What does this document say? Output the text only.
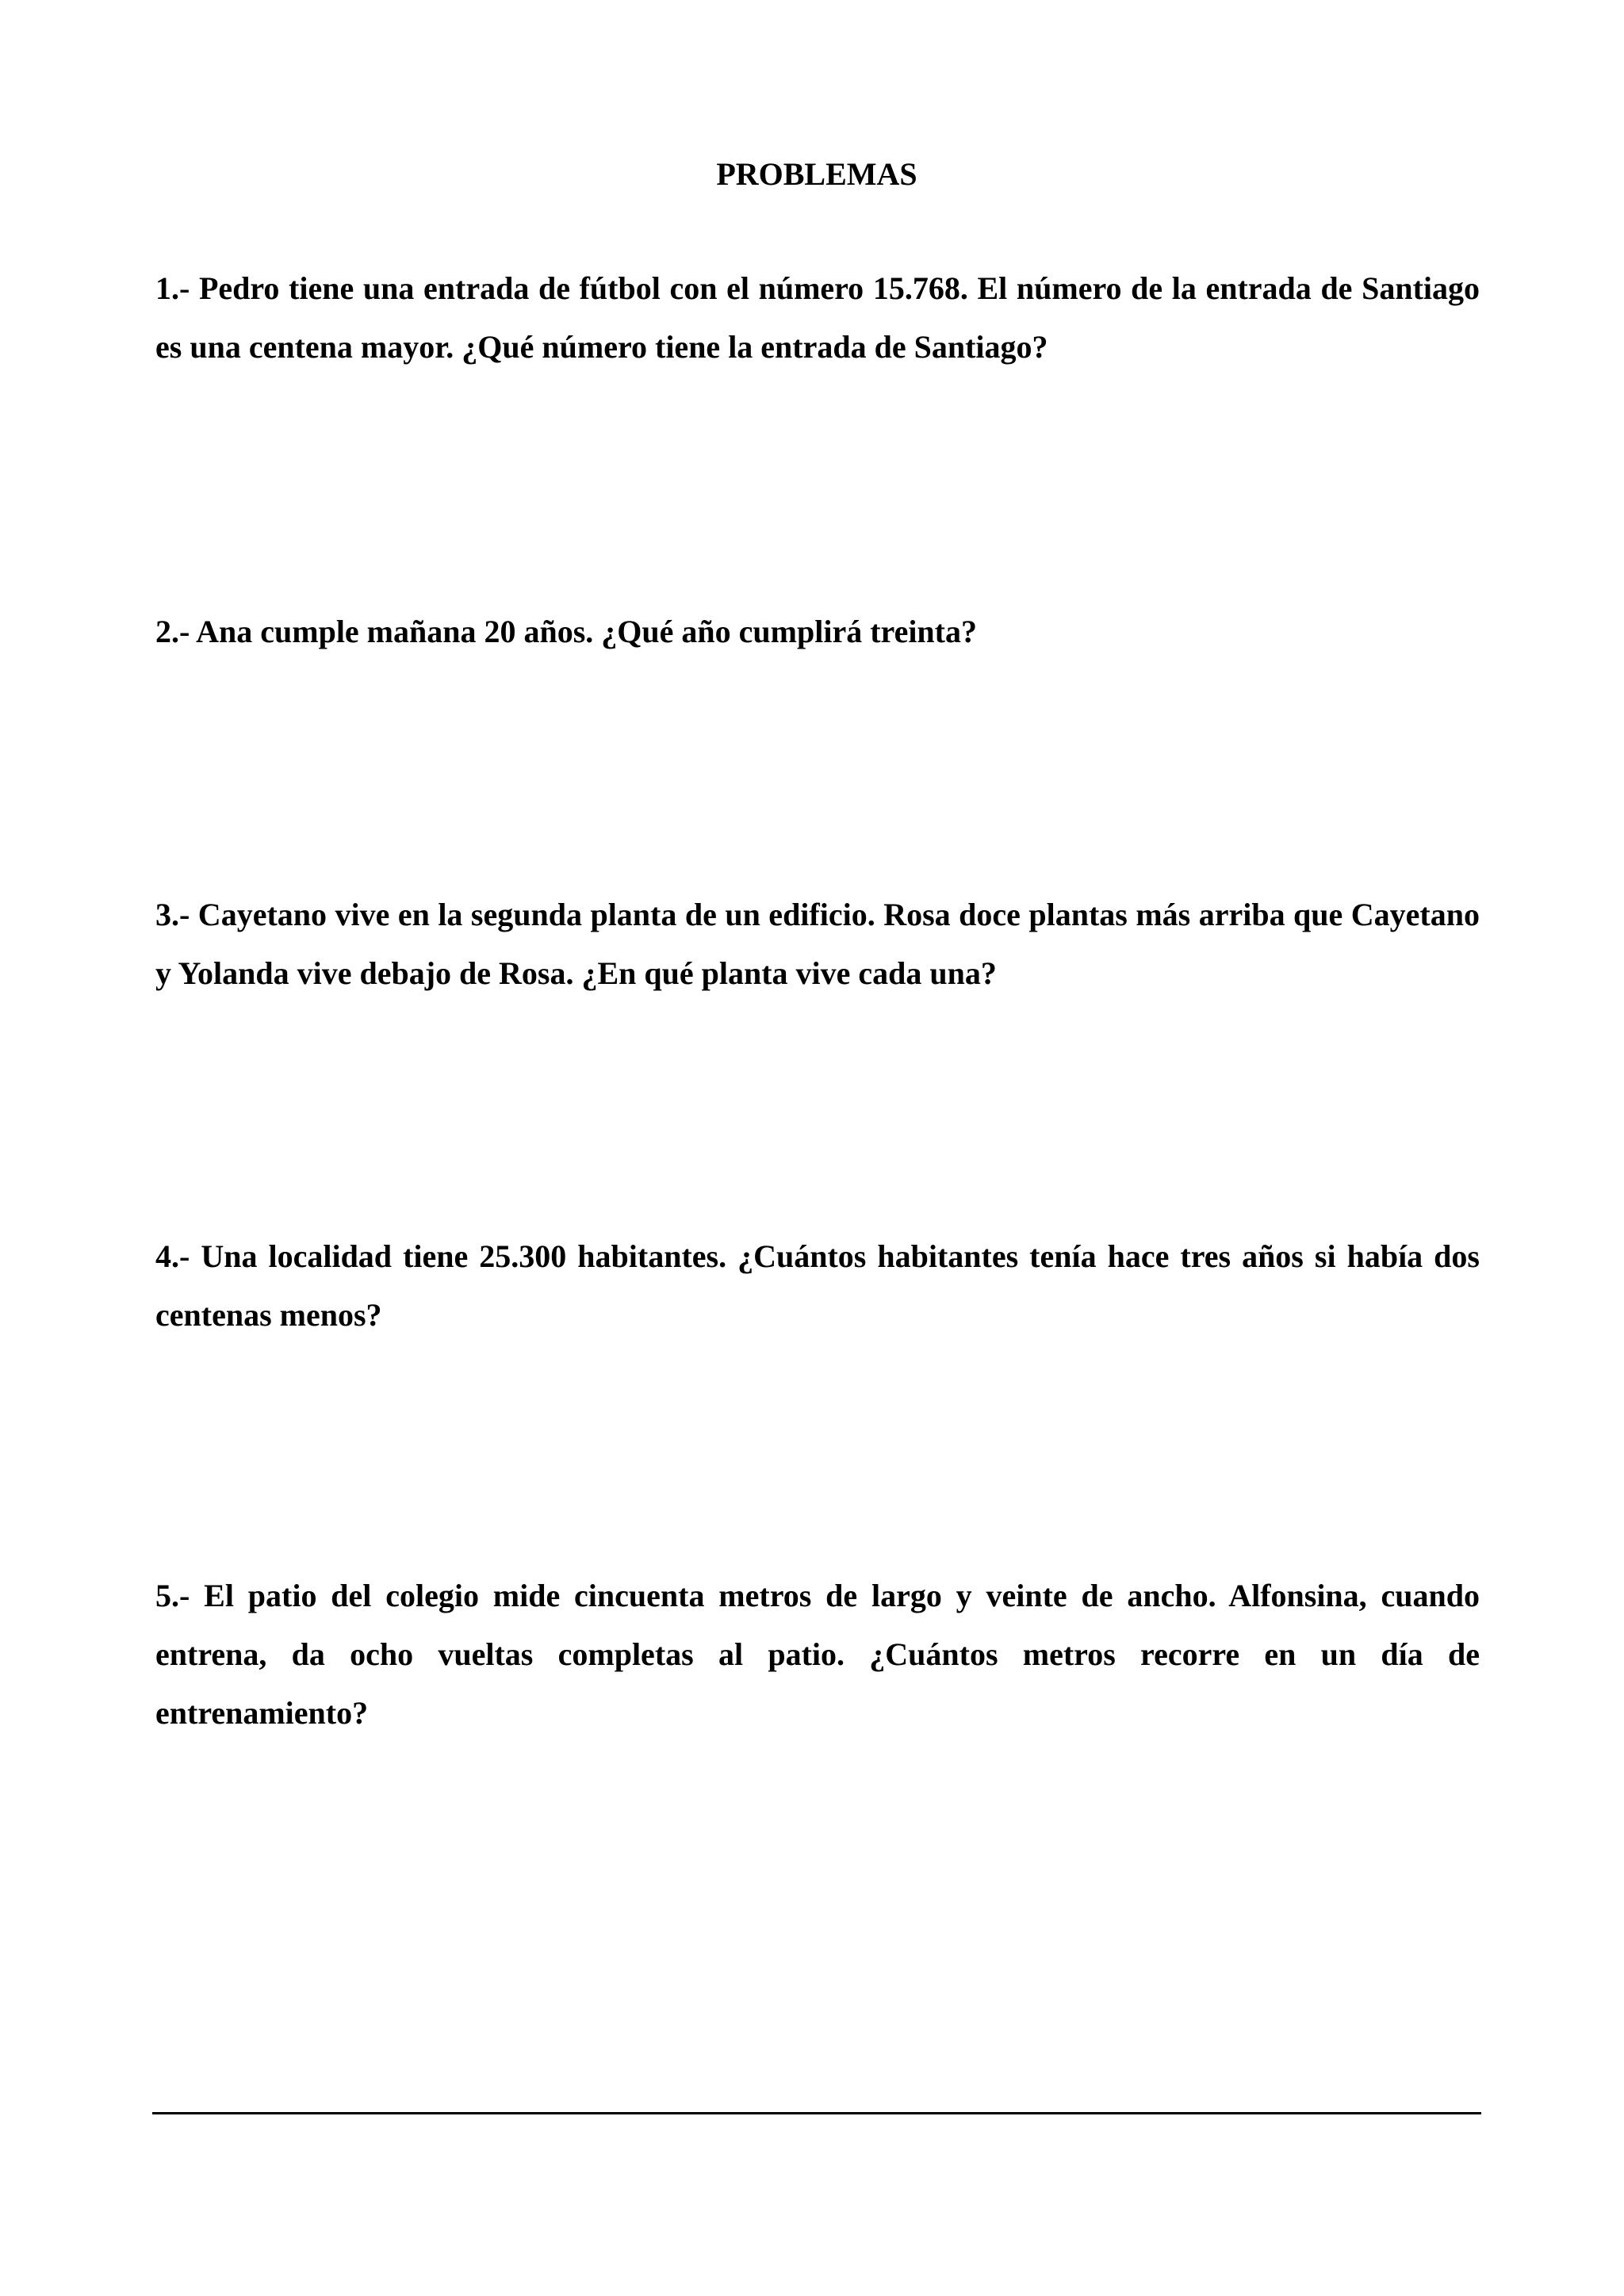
PROBLEMAS

1.- Pedro tiene una entrada de fútbol con el número 15.768. El número de la entrada de Santiago es una centena mayor. ¿Qué número tiene la entrada de Santiago?

2.- Ana cumple mañana 20 años. ¿Qué año cumplirá treinta?

3.- Cayetano vive en la segunda planta de un edificio. Rosa doce plantas más arriba que Cayetano y Yolanda vive debajo de Rosa. ¿En qué planta vive cada una?

4.- Una localidad tiene 25.300 habitantes. ¿Cuántos habitantes tenía hace tres años si había dos centenas menos?

5.- El patio del colegio mide cincuenta metros de largo y veinte de ancho. Alfonsina, cuando entrena, da ocho vueltas completas al patio. ¿Cuántos metros recorre en un día de entrenamiento?
